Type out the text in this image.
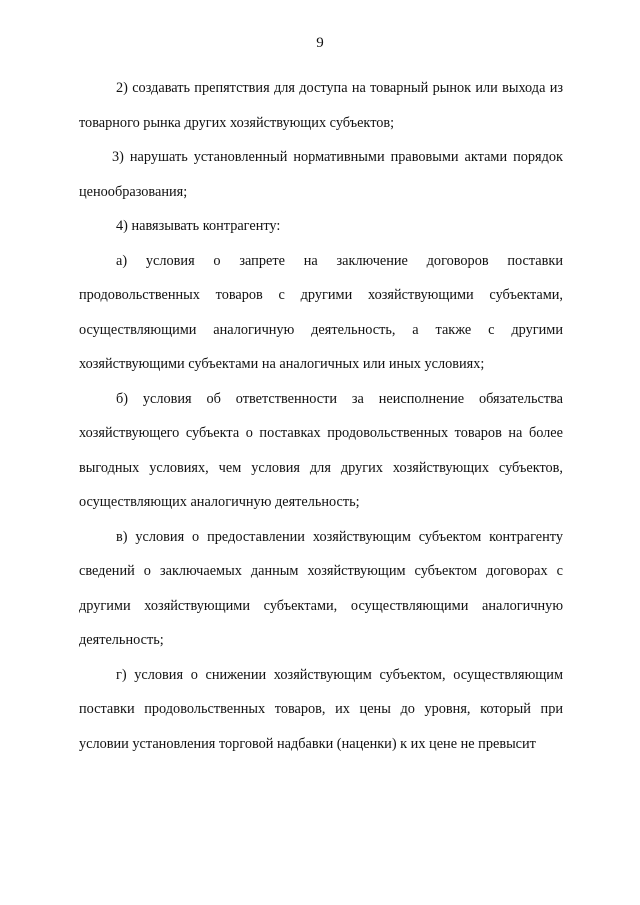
9

2) создавать препятствия для доступа на товарный рынок или выхода из товарного рынка других хозяйствующих субъектов;

3) нарушать установленный нормативными правовыми актами порядок ценообразования;

4) навязывать контрагенту:

а) условия о запрете на заключение договоров поставки продовольственных товаров с другими хозяйствующими субъектами, осуществляющими аналогичную деятельность, а также с другими хозяйствующими субъектами на аналогичных или иных условиях;

б) условия об ответственности за неисполнение обязательства хозяйствующего субъекта о поставках продовольственных товаров на более выгодных условиях, чем условия для других хозяйствующих субъектов, осуществляющих аналогичную деятельность;

в) условия о предоставлении хозяйствующим субъектом контрагенту сведений о заключаемых данным хозяйствующим субъектом договорах с другими хозяйствующими субъектами, осуществляющими аналогичную деятельность;

г) условия о снижении хозяйствующим субъектом, осуществляющим поставки продовольственных товаров, их цены до уровня, который при условии установления торговой надбавки (наценки) к их цене не превысит
